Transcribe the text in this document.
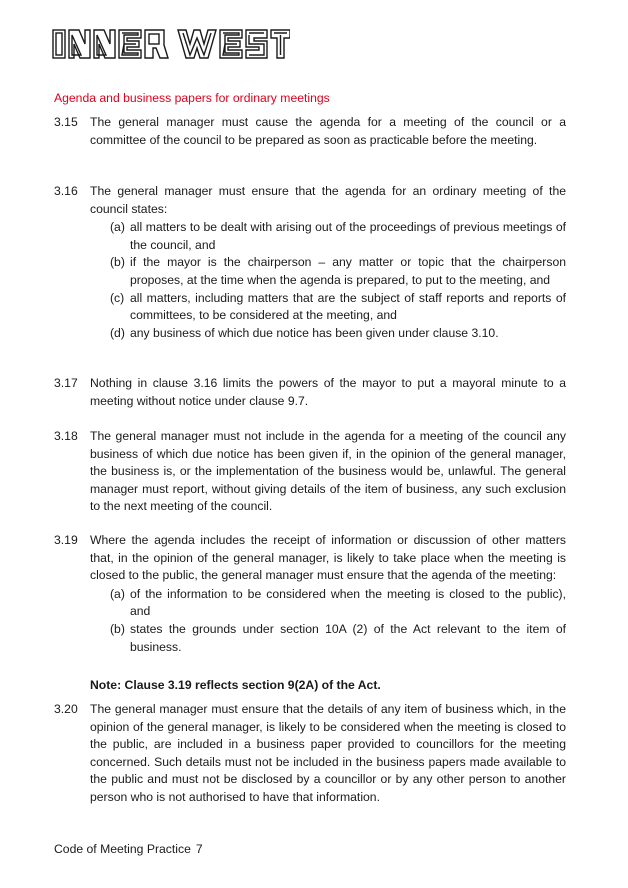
Agenda and business papers for ordinary meetings
3.15 The general manager must cause the agenda for a meeting of the council or a committee of the council to be prepared as soon as practicable before the meeting.
3.16 The general manager must ensure that the agenda for an ordinary meeting of the council states:
(a) all matters to be dealt with arising out of the proceedings of previous meetings of the council, and
(b) if the mayor is the chairperson – any matter or topic that the chairperson proposes, at the time when the agenda is prepared, to put to the meeting, and
(c) all matters, including matters that are the subject of staff reports and reports of committees, to be considered at the meeting, and
(d) any business of which due notice has been given under clause 3.10.
3.17 Nothing in clause 3.16 limits the powers of the mayor to put a mayoral minute to a meeting without notice under clause 9.7.
3.18 The general manager must not include in the agenda for a meeting of the council any business of which due notice has been given if, in the opinion of the general manager, the business is, or the implementation of the business would be, unlawful. The general manager must report, without giving details of the item of business, any such exclusion to the next meeting of the council.
3.19 Where the agenda includes the receipt of information or discussion of other matters that, in the opinion of the general manager, is likely to take place when the meeting is closed to the public, the general manager must ensure that the agenda of the meeting:
(a) of the information to be considered when the meeting is closed to the public), and
(b) states the grounds under section 10A (2) of the Act relevant to the item of business.
Note: Clause 3.19 reflects section 9(2A) of the Act.
3.20 The general manager must ensure that the details of any item of business which, in the opinion of the general manager, is likely to be considered when the meeting is closed to the public, are included in a business paper provided to councillors for the meeting concerned. Such details must not be included in the business papers made available to the public and must not be disclosed by a councillor or by any other person to another person who is not authorised to have that information.
Code of Meeting Practice 7
